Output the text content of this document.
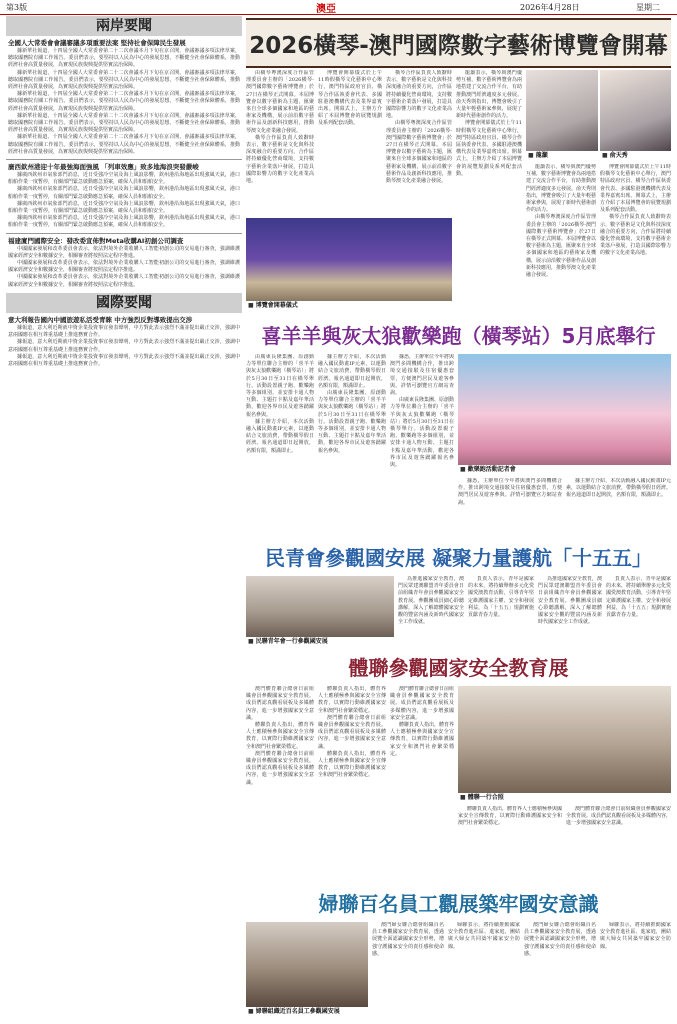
第3版	澳亞	2026年4月28日	星期二
兩岸要聞
全國人大常委會會議審議多項重要法案 堅持社會保障民生發展

據新華社報道，十四屆全國人大常委會第二十二次會議本月下旬在京召開，會議審議多項法律草案，聽取國務院有關工作報告。委員們表示，要堅持以人民為中心的發展思想，不斷健全社會保障體系，推動經濟社會高質量發展，為實現民族復興提供堅實法治保障。

據新華社報道，十四屆全國人大常委會第二十二次會議本月下旬在京召開，會議審議多項法律草案，聽取國務院有關工作報告。委員們表示，要堅持以人民為中心的發展思想，不斷健全社會保障體系，推動經濟社會高質量發展，為實現民族復興提供堅實法治保障。

據新華社報道，十四屆全國人大常委會第二十二次會議本月下旬在京召開，會議審議多項法律草案，聽取國務院有關工作報告。委員們表示，要堅持以人民為中心的發展思想，不斷健全社會保障體系，推動經濟社會高質量發展，為實現民族復興提供堅實法治保障。

據新華社報道，十四屆全國人大常委會第二十二次會議本月下旬在京召開，會議審議多項法律草案，聽取國務院有關工作報告。委員們表示，要堅持以人民為中心的發展思想，不斷健全社會保障體系，推動經濟社會高質量發展，為實現民族復興提供堅實法治保障。

據新華社報道，十四屆全國人大常委會第二十二次會議本月下旬在京召開，會議審議多項法律草案，聽取國務院有關工作報告。委員們表示，要堅持以人民為中心的發展思想，不斷健全社會保障體系，推動經濟社會高質量發展，為實現民族復興提供堅實法治保障。

廣西欽州港迎十年最強海面強風 「列車效應」致多地海浪突發嚴峻

據廣西欽州市氣象部門消息，近日受強冷空氣及海上風浪影響，欽州港沿海地區出現強風天氣，港口船舶作業一度暫停，有關部門緊急啟動應急預案，確保人員和船舶安全。

據廣西欽州市氣象部門消息，近日受強冷空氣及海上風浪影響，欽州港沿海地區出現強風天氣，港口船舶作業一度暫停，有關部門緊急啟動應急預案，確保人員和船舶安全。

據廣西欽州市氣象部門消息，近日受強冷空氣及海上風浪影響，欽州港沿海地區出現強風天氣，港口船舶作業一度暫停，有關部門緊急啟動應急預案，確保人員和船舶安全。

據廣西欽州市氣象部門消息，近日受強冷空氣及海上風浪影響，欽州港沿海地區出現強風天氣，港口船舶作業一度暫停，有關部門緊急啟動應急預案，確保人員和船舶安全。

福建廈門國際安全：發改委宣佈對Meta收購AI初創公司調查

中國國家發展和改革委員會表示，依法對境外企業收購人工智能初創公司的交易進行審查，強調維護國家經濟安全和數據安全，相關審查將按照法定程序推進。

中國國家發展和改革委員會表示，依法對境外企業收購人工智能初創公司的交易進行審查，強調維護國家經濟安全和數據安全，相關審查將按照法定程序推進。

中國國家發展和改革委員會表示，依法對境外企業收購人工智能初創公司的交易進行審查，強調維護國家經濟安全和數據安全，相關審查將按照法定程序推進。

國際要聞
意大利報告國內中國旅遊私活受青睞 中方強烈反對導致提出交涉

據報道，意大利近期就中資企業投資事宜發表聲明，中方對此表示強烈不滿並提出嚴正交涉，強調中意兩國應在相互尊重基礎上推進務實合作。

據報道，意大利近期就中資企業投資事宜發表聲明，中方對此表示強烈不滿並提出嚴正交涉，強調中意兩國應在相互尊重基礎上推進務實合作。

據報道，意大利近期就中資企業投資事宜發表聲明，中方對此表示強烈不滿並提出嚴正交涉，強調中意兩國應在相互尊重基礎上推進務實合作。

2026橫琴-澳門國際數字藝術博覽會開幕

由橫琴粵澳深度合作區管理委員會主辦的「2026橫琴-澳門國際數字藝術博覽會」於27日在橫琴正式開幕。本屆博覽會以數字藝術為主題，匯聚來自全球多個國家和地區的藝術家及機構，展示前沿數字藝術作品及創新科技應用，推動琴澳文化產業融合發展。

橫琴合作區負責人致辭時表示，數字藝術是文化與科技深度融合的重要方向，合作區將持續優化營商環境，支持數字藝術企業落戶發展，打造具國際影響力的數字文化產業高地。

博覽會開幕儀式於上午11時假橫琴文化藝術中心舉行，澳門特區政府官員、橫琴合作區執委會代表、多國駐港澳機構代表及業界嘉賓出席。開幕式上，主辦方介紹了本屆博覽會的展覽規劃及系列配套活動。

橫琴合作區負責人致辭時表示，數字藝術是文化與科技深度融合的重要方向，合作區將持續優化營商環境，支持數字藝術企業落戶發展，打造具國際影響力的數字文化產業高地。

由橫琴粵澳深度合作區管理委員會主辦的「2026橫琴-澳門國際數字藝術博覽會」於27日在橫琴正式開幕。本屆博覽會以數字藝術為主題，匯聚來自全球多個國家和地區的藝術家及機構，展示前沿數字藝術作品及創新科技應用，推動琴澳文化產業融合發展。

龍灝表示，橫琴與澳門優勢互補，數字藝術博覽會為兩地搭建了交流合作平台，有助推動澳門經濟適度多元發展。俞天秀則指出，博覽會吸引了大量年輕藝術家參與，展現了新時代藝術創作的活力。

博覽會開幕儀式於上午11時假橫琴文化藝術中心舉行，澳門特區政府官員、橫琴合作區執委會代表、多國駐港澳機構代表及業界嘉賓出席。開幕式上，主辦方介紹了本屆博覽會的展覽規劃及系列配套活動。

■ 龍灝
■	俞天秀

龍灝表示，橫琴與澳門優勢互補，數字藝術博覽會為兩地搭建了交流合作平台，有助推動澳門經濟適度多元發展。俞天秀則指出，博覽會吸引了大量年輕藝術家參與，展現了新時代藝術創作的活力。

由橫琴粵澳深度合作區管理委員會主辦的「2026橫琴-澳門國際數字藝術博覽會」於27日在橫琴正式開幕。本屆博覽會以數字藝術為主題，匯聚來自全球多個國家和地區的藝術家及機構，展示前沿數字藝術作品及創新科技應用，推動琴澳文化產業融合發展。

博覽會開幕儀式於上午11時假橫琴文化藝術中心舉行，澳門特區政府官員、橫琴合作區執委會代表、多國駐港澳機構代表及業界嘉賓出席。開幕式上，主辦方介紹了本屆博覽會的展覽規劃及系列配套活動。

橫琴合作區負責人致辭時表示，數字藝術是文化與科技深度融合的重要方向，合作區將持續優化營商環境，支持數字藝術企業落戶發展，打造具國際影響力的數字文化產業高地。

■ 博覽會開幕儀式
喜羊羊與灰太狼歡樂跑（橫琴站）5月底舉行

由廣東長隆集團、原創動力等單位聯合主辦的「喜羊羊與灰太狼歡樂跑（橫琴站）」將於5月30日至31日在橫琴舉行。活動設置親子跑、歡樂跑等多個組別，並安排卡通人物互動、主題打卡點及嘉年華活動，歡迎各界市民及遊客踴躍報名參與。

據主辦方介紹，本次活動融入國民動畫IP元素，以運動結合文旅消費，帶動橫琴假日經濟。報名通道即日起開放，名額有限，額滿即止。

據主辦方介紹，本次活動融入國民動畫IP元素，以運動結合文旅消費，帶動橫琴假日經濟。報名通道即日起開放，名額有限，額滿即止。

由廣東長隆集團、原創動力等單位聯合主辦的「喜羊羊與灰太狼歡樂跑（橫琴站）」將於5月30日至31日在橫琴舉行。活動設置親子跑、歡樂跑等多個組別，並安排卡通人物互動、主題打卡點及嘉年華活動，歡迎各界市民及遊客踴躍報名參與。

據悉，主辦單位今年將與澳門多間機構合作，推出跨境交通接駁及住宿優惠套票，方便澳門居民及遊客參與。詳情可瀏覽官方網站查詢。

由廣東長隆集團、原創動力等單位聯合主辦的「喜羊羊與灰太狼歡樂跑（橫琴站）」將於5月30日至31日在橫琴舉行。活動設置親子跑、歡樂跑等多個組別，並安排卡通人物互動、主題打卡點及嘉年華活動，歡迎各界市民及遊客踴躍報名參與。

■ 歡樂跑活動記者會

據悉，主辦單位今年將與澳門多間機構合作，推出跨境交通接駁及住宿優惠套票，方便澳門居民及遊客參與。詳情可瀏覽官方網站查詢。

據主辦方介紹，本次活動融入國民動畫IP元素，以運動結合文旅消費，帶動橫琴假日經濟。報名通道即日起開放，名額有限，額滿即止。

民青會參觀國安展 凝聚力量護航「十五五」
■ 民聯青年會一行參觀國安展

為推進國家安全教育，澳門民眾建澳聯盟青年委員會日前組織青年會員參觀國家安全教育展。參觀團成員細心聆聽講解，深入了解總體國家安全觀的豐富內涵及新時代國家安全工作成就。

負責人表示，青年是國家的未來，將持續舉辦多元化愛國愛澳教育活動，引導青年堅定維護國家主權、安全和發展利益，為「十五五」規劃實施貢獻青春力量。

為推進國家安全教育，澳門民眾建澳聯盟青年委員會日前組織青年會員參觀國家安全教育展。參觀團成員細心聆聽講解，深入了解總體國家安全觀的豐富內涵及新時代國家安全工作成就。

負責人表示，青年是國家的未來，將持續舉辦多元化愛國愛澳教育活動，引導青年堅定維護國家主權、安全和發展利益，為「十五五」規劃實施貢獻青春力量。

體聯參觀國家安全教育展

澳門體育聯合總會日前組織會員參觀國家安全教育展。成員們認真觀看展板及多媒體內容，進一步增強國家安全意識。

體聯負責人指出，體育界人士應積極參與國家安全宣傳教育，以實際行動維護國家安全和澳門社會繁榮穩定。

澳門體育聯合總會日前組織會員參觀國家安全教育展。成員們認真觀看展板及多媒體內容，進一步增強國家安全意識。

體聯負責人指出，體育界人士應積極參與國家安全宣傳教育，以實際行動維護國家安全和澳門社會繁榮穩定。

澳門體育聯合總會日前組織會員參觀國家安全教育展。成員們認真觀看展板及多媒體內容，進一步增強國家安全意識。

體聯負責人指出，體育界人士應積極參與國家安全宣傳教育，以實際行動維護國家安全和澳門社會繁榮穩定。

澳門體育聯合總會日前組織會員參觀國家安全教育展。成員們認真觀看展板及多媒體內容，進一步增強國家安全意識。

體聯負責人指出，體育界人士應積極參與國家安全宣傳教育，以實際行動維護國家安全和澳門社會繁榮穩定。

■ 體聯一行合照

體聯負責人指出，體育界人士應積極參與國家安全宣傳教育，以實際行動維護國家安全和澳門社會繁榮穩定。

澳門體育聯合總會日前組織會員參觀國家安全教育展。成員們認真觀看展板及多媒體內容，進一步增強國家安全意識。

婦聯百名員工觀展築牢國安意識
■ 婦聯組織近百名員工參觀國安展

澳門婦女聯合總會組織百名員工參觀國家安全教育展，透過展覽全面認識國家安全形勢，增強守護國家安全的責任感和使命感。

婦聯表示，將持續推動國家安全教育進社區、進家庭，團結廣大婦女共同築牢國家安全防線。

澳門婦女聯合總會組織百名員工參觀國家安全教育展，透過展覽全面認識國家安全形勢，增強守護國家安全的責任感和使命感。

婦聯表示，將持續推動國家安全教育進社區、進家庭，團結廣大婦女共同築牢國家安全防線。
